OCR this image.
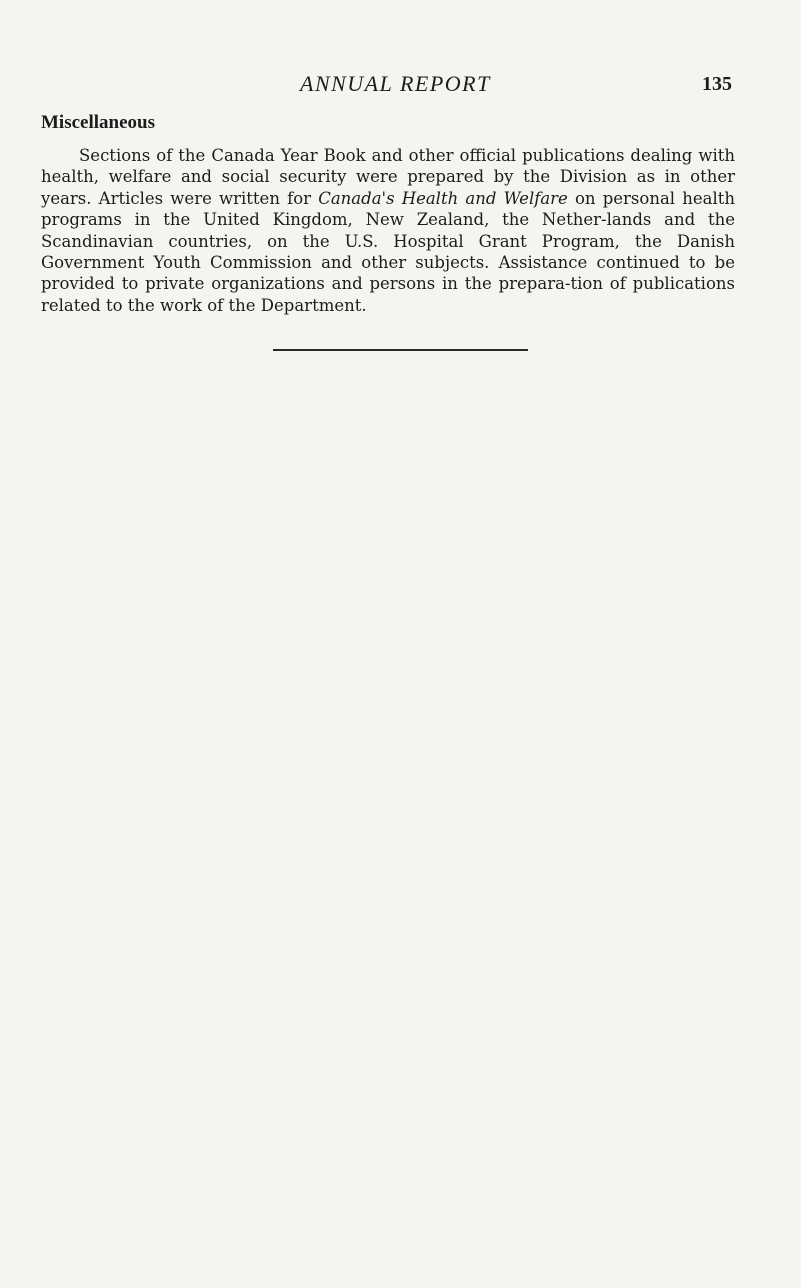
ANNUAL REPORT	135
Miscellaneous

Sections of the Canada Year Book and other official publications dealing with health, welfare and social security were prepared by the Division as in other years. Articles were written for Canada's Health and Welfare on personal health programs in the United Kingdom, New Zealand, the Nether-lands and the Scandinavian countries, on the U.S. Hospital Grant Program, the Danish Government Youth Commission and other subjects. Assistance continued to be provided to private organizations and persons in the prepara-tion of publications related to the work of the Department.
